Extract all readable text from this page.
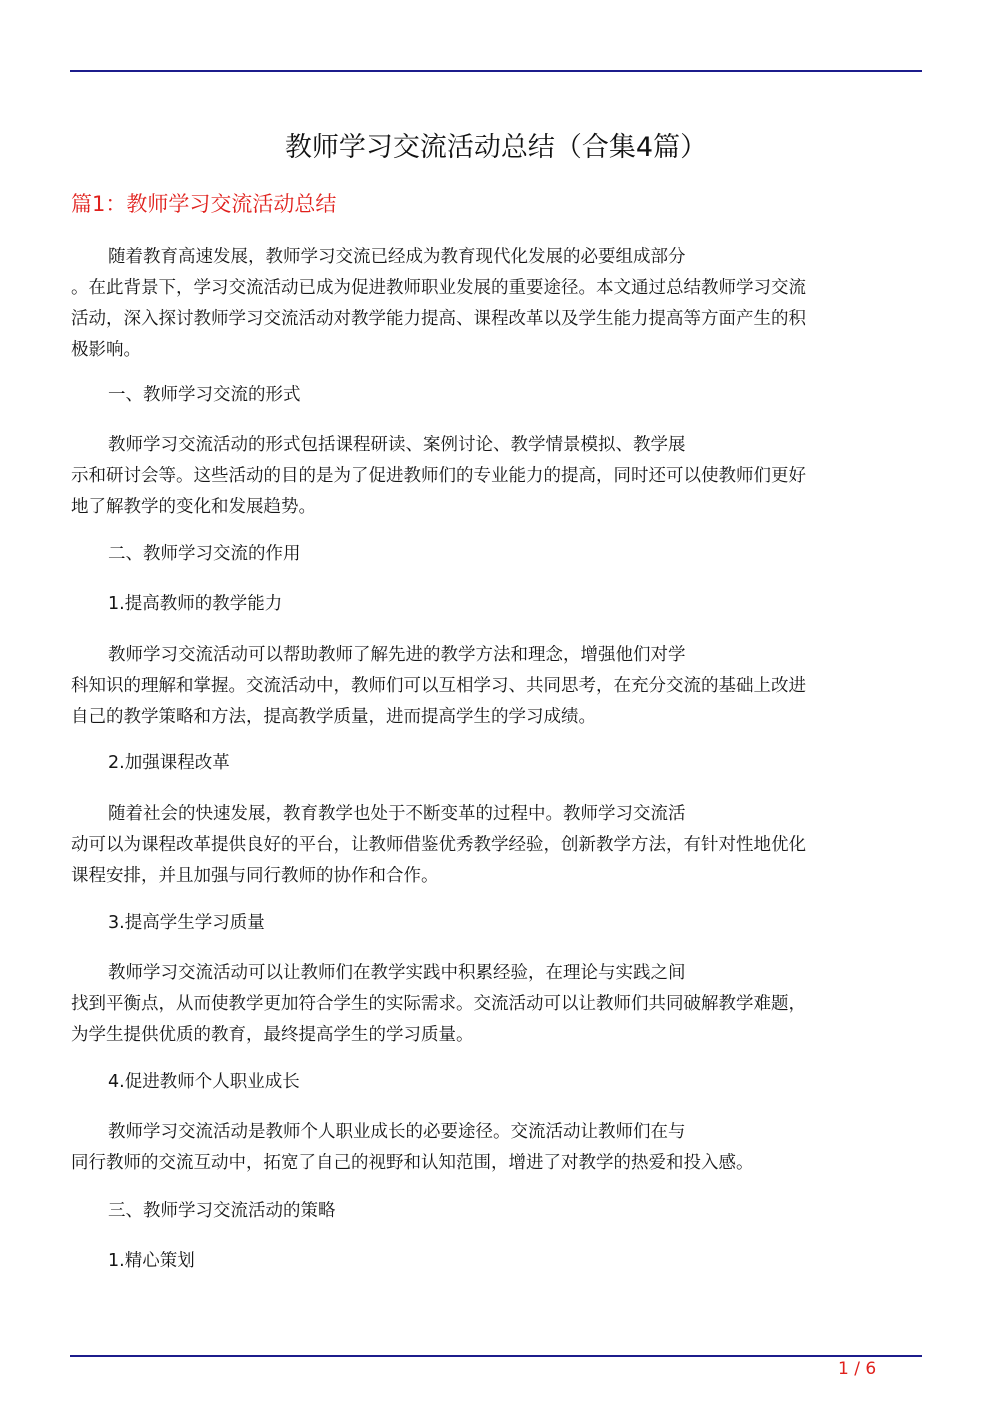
教师学习交流活动总结（合集4篇）
篇1：教师学习交流活动总结

随着教育高速发展，教师学习交流已经成为教育现代化发展的必要组成部分
。在此背景下，学习交流活动已成为促进教师职业发展的重要途径。本文通过总结教师学习交流
活动，深入探讨教师学习交流活动对教学能力提高、课程改革以及学生能力提高等方面产生的积
极影响。

一、教师学习交流的形式

教师学习交流活动的形式包括课程研读、案例讨论、教学情景模拟、教学展
示和研讨会等。这些活动的目的是为了促进教师们的专业能力的提高，同时还可以使教师们更好
地了解教学的变化和发展趋势。

二、教师学习交流的作用

1.提高教师的教学能力

教师学习交流活动可以帮助教师了解先进的教学方法和理念，增强他们对学
科知识的理解和掌握。交流活动中，教师们可以互相学习、共同思考，在充分交流的基础上改进
自己的教学策略和方法，提高教学质量，进而提高学生的学习成绩。

2.加强课程改革

随着社会的快速发展，教育教学也处于不断变革的过程中。教师学习交流活
动可以为课程改革提供良好的平台，让教师借鉴优秀教学经验，创新教学方法，有针对性地优化
课程安排，并且加强与同行教师的协作和合作。

3.提高学生学习质量

教师学习交流活动可以让教师们在教学实践中积累经验，在理论与实践之间
找到平衡点，从而使教学更加符合学生的实际需求。交流活动可以让教师们共同破解教学难题，
为学生提供优质的教育，最终提高学生的学习质量。

4.促进教师个人职业成长

教师学习交流活动是教师个人职业成长的必要途径。交流活动让教师们在与
同行教师的交流互动中，拓宽了自己的视野和认知范围，增进了对教学的热爱和投入感。

三、教师学习交流活动的策略

1.精心策划

1 / 6
